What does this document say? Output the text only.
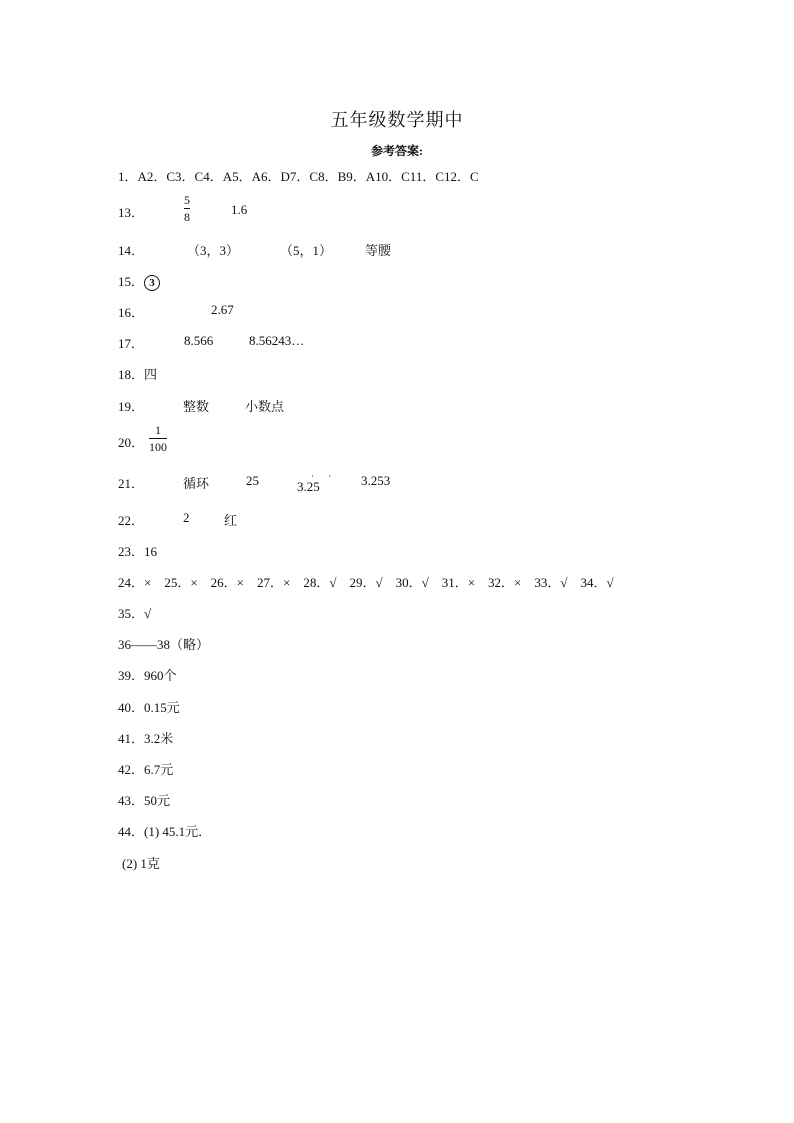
五年级数学期中
参考答案:
1．A2．C3．C4．A5．A6．D7．C8．B9．A10．C11．C12．C
13．
5
8	1.6
14．	（3，3）	（5，1）	等腰
15． 3
16．	2.67
17．	8.566	8.56243…
18．四
19．	整数	小数点
20．
1
100
21．	循环	25	· ·
3.25	3.253
22．	2	红
23．16
24．×　25．×　26．×　27．×　28．√　29．√　30．√　31．×　32．×　33．√　34．√
35．√
36——38（略）
39．960个
40．0.15元
41．3.2米
42．6.7元
43．50元
44．(1) 45.1元．
(2) 1克
